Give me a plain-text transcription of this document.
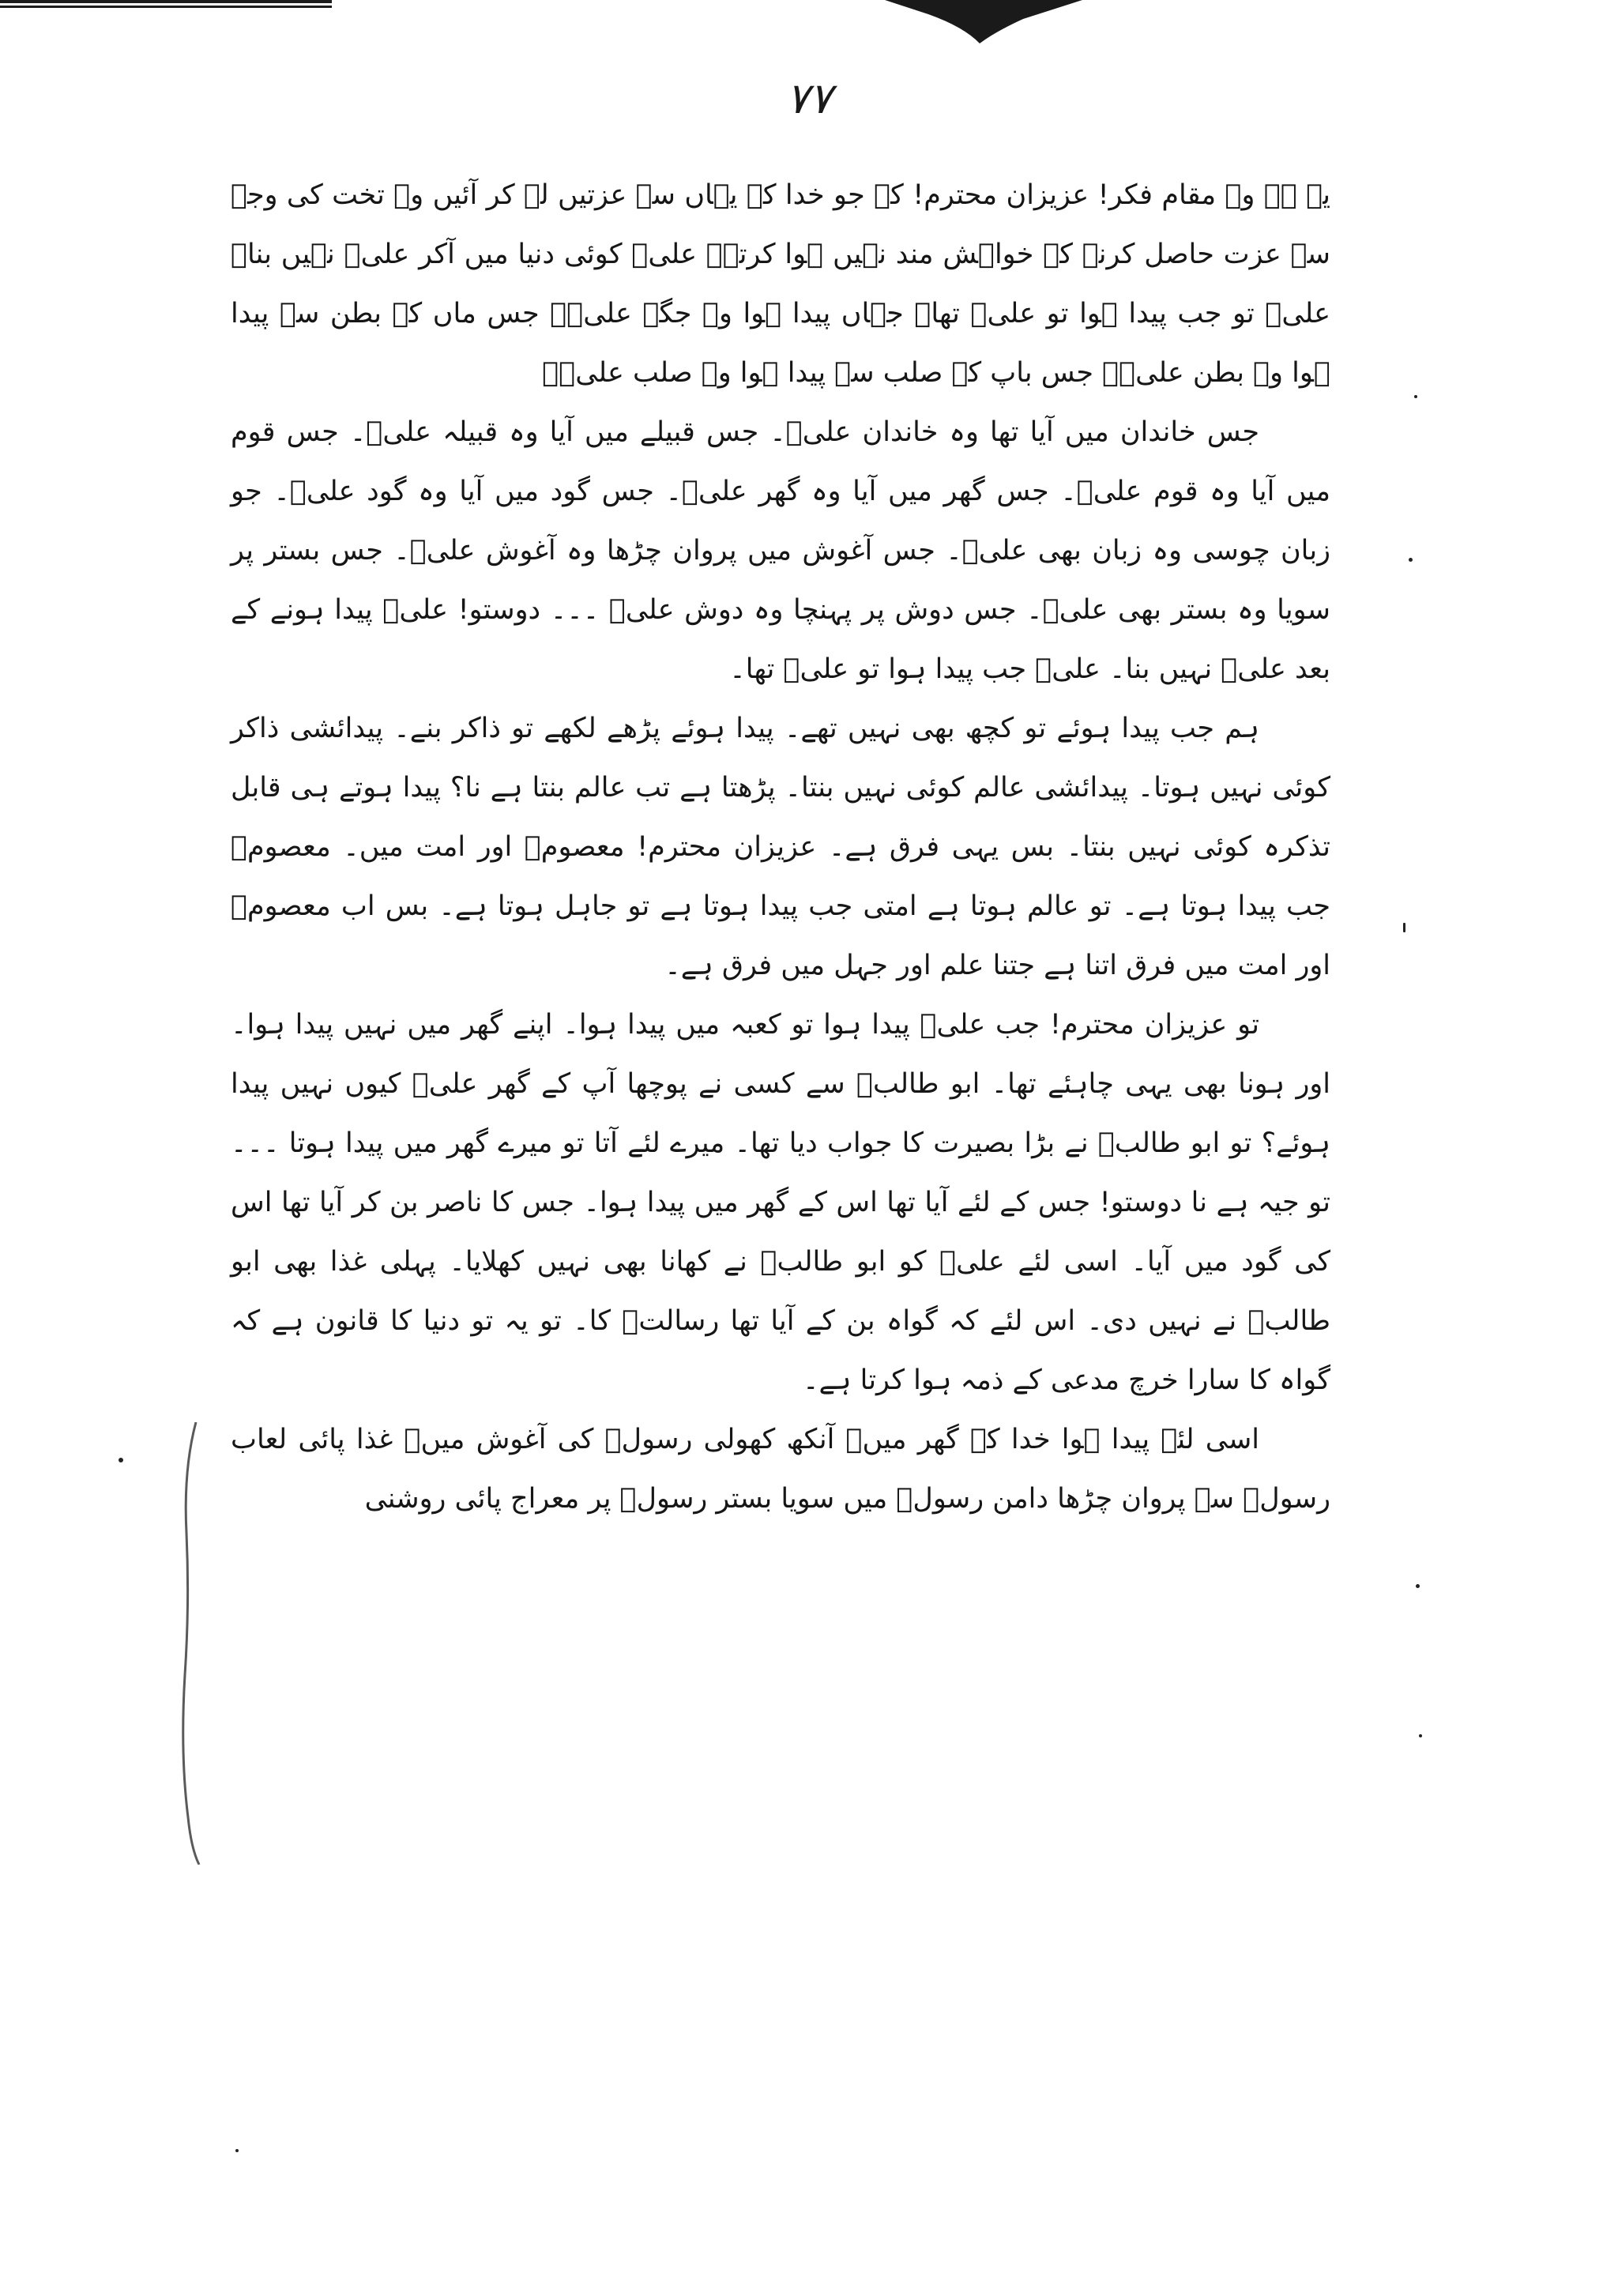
۷۷

یہ ہے وہ مقام فکر! عزیزان محترم! کہ جو خدا کے یہاں سے عزتیں لے کر آئیں وہ تخت کی وجہ سے عزت حاصل کرنے کے خواہش مند نہیں ہوا کرتے۔ علیؑ کوئی دنیا میں آکر علیؑ نہیں بنا۔ علیؑ تو جب پیدا ہوا تو علیؑ تھا۔ جہاں پیدا ہوا وہ جگہ علیؑ۔ جس ماں کے بطن سے پیدا ہوا وہ بطن علیؑ۔ جس باپ کے صلب سے پیدا ہوا وہ صلب علیؑ۔

جس خاندان میں آیا تھا وہ خاندان علیؑ۔ جس قبیلے میں آیا وہ قبیلہ علیؑ۔ جس قوم میں آیا وہ قوم علیؑ۔ جس گھر میں آیا وہ گھر علیؑ۔ جس گود میں آیا وہ گود علیؑ۔ جو زبان چوسی وہ زبان بھی علیؑ۔ جس آغوش میں پروان چڑھا وہ آغوش علیؑ۔ جس بستر پر سویا وہ بستر بھی علیؑ۔ جس دوش پر پہنچا وہ دوش علیؑ ۔۔۔ دوستو! علیؑ پیدا ہونے کے بعد علیؑ نہیں بنا۔ علیؑ جب پیدا ہوا تو علیؑ تھا۔

ہم جب پیدا ہوئے تو کچھ بھی نہیں تھے۔ پیدا ہوئے پڑھے لکھے تو ذاکر بنے۔ پیدائشی ذاکر کوئی نہیں ہوتا۔ پیدائشی عالم کوئی نہیں بنتا۔ پڑھتا ہے تب عالم بنتا ہے نا؟ پیدا ہوتے ہی قابل تذکرہ کوئی نہیں بنتا۔ بس یہی فرق ہے۔ عزیزان محترم! معصومؑ اور امت میں۔ معصومؑ جب پیدا ہوتا ہے۔ تو عالم ہوتا ہے امتی جب پیدا ہوتا ہے تو جاہل ہوتا ہے۔ بس اب معصومؑ اور امت میں فرق اتنا ہے جتنا علم اور جہل میں فرق ہے۔

تو عزیزان محترم! جب علیؑ پیدا ہوا تو کعبہ میں پیدا ہوا۔ اپنے گھر میں نہیں پیدا ہوا۔ اور ہونا بھی یہی چاہئے تھا۔ ابو طالبؑ سے کسی نے پوچھا آپ کے گھر علیؑ کیوں نہیں پیدا ہوئے؟ تو ابو طالبؑ نے بڑا بصیرت کا جواب دیا تھا۔ میرے لئے آتا تو میرے گھر میں پیدا ہوتا ۔۔۔ تو جیہ ہے نا دوستو! جس کے لئے آیا تھا اس کے گھر میں پیدا ہوا۔ جس کا ناصر بن کر آیا تھا اس کی گود میں آیا۔ اسی لئے علیؑ کو ابو طالبؑ نے کھانا بھی نہیں کھلایا۔ پہلی غذا بھی ابو طالبؑ نے نہیں دی۔ اس لئے کہ گواہ بن کے آیا تھا رسالتؐ کا۔ تو یہ تو دنیا کا قانون ہے کہ گواہ کا سارا خرچ مدعی کے ذمہ ہوا کرتا ہے۔

اسی لئے پیدا ہوا خدا کے گھر میں۔ آنکھ کھولی رسولؐ کی آغوش میں۔ غذا پائی لعاب رسولؐ سے پروان چڑھا دامن رسولؐ میں سویا بستر رسولؐ پر معراج پائی روشنی
